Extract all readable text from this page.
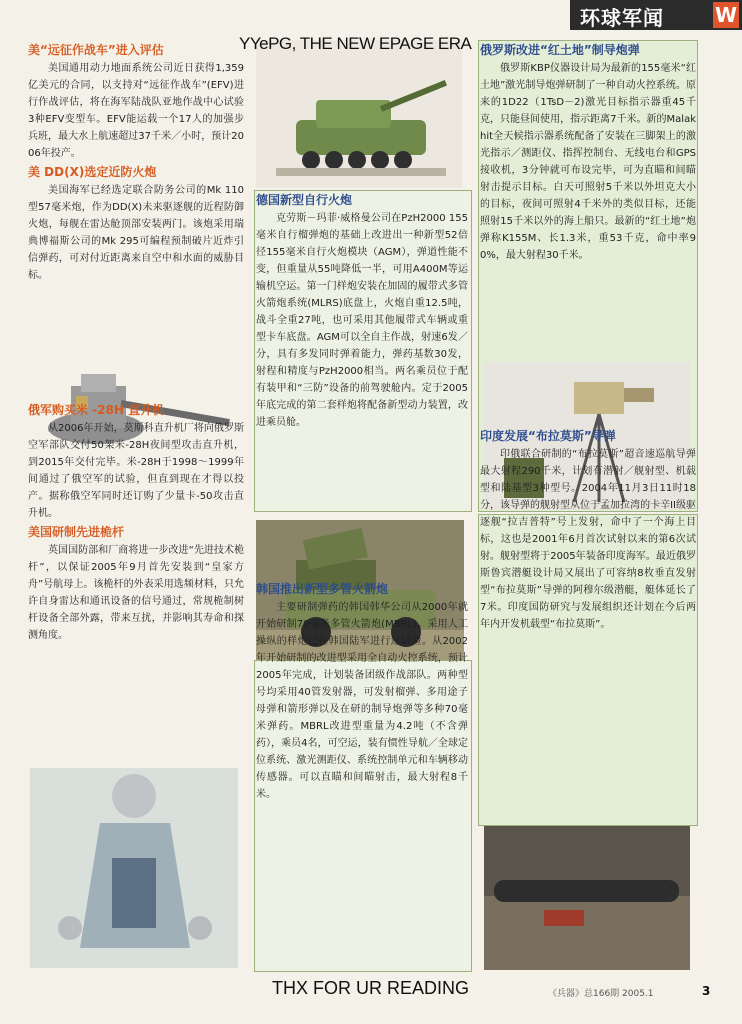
环球军闻	W
美“远征作战车”进入评估

美国通用动力地面系统公司近日获得1,359亿美元的合同，以支持对“远征作战车”(EFV)进行作战评估，将在海军陆战队亚地作战中心试验3种EFV变型车。EFV能运载一个17人的加强步兵班，最大水上航速超过37千米／小时，预计2006年投产。

美 DD(X)选定近防火炮

美国海军已经选定联合防务公司的Mk 110型57毫米炮，作为DD(X)未来驱逐舰的近程防御火炮，每舰在雷达舱顶部安装两门。该炮采用瑞典博福斯公司的Mk 295可编程预制破片近炸引信弹药，可对付近距离来自空中和水面的威胁目标。

俄军购买米 -28H 直升机

从2006年开始，莫斯科直升机厂将向俄罗斯空军部队交付50架米-28H夜间型攻击直升机，到2015年交付完毕。米-28H于1998～1999年间通过了俄空军的试验，但直到现在才得以投产。据称俄空军同时还订购了少量卡-50攻击直升机。

美国研制先进桅杆

英国国防部和厂商将进一步改进“先进技术桅杆”，以保证2005年9月首先安装到“皇家方舟”号航母上。该桅杆的外表采用选频材料，只允许自身雷达和通讯设备的信号通过，常规桅制树杆设备全部外露，带来互扰，并影响其寿命和探测角度。

德国新型自行火炮

克劳斯－玛菲·威格曼公司在PzH2000 155毫米自行榴弹炮的基础上改进出一种新型52倍径155毫米自行火炮模块（AGM），弹道性能不变，但重量从55吨降低一半，可用A400M等运输机空运。第一门样炮安装在加固的履带式多管火箭炮系统(MLRS)底盘上，火炮自重12.5吨，战斗全重27吨，也可采用其他履带式车辆或重型卡车底盘。AGM可以全自主作战，射速6发／分，具有多发同时弹着能力，弹药基数30发，射程和精度与PzH2000相当。两名乘员位于配有装甲和“三防”设备的前驾驶舱内。定于2005年底完成的第二套样炮将配备新型动力装置，改进乘员舱。

韩国推出新型多管火箭炮

主要研制弹药的韩国韩华公司从2000年就开始研制70毫米多管火箭炮(MBRL)。采用人工操纵的样炮已在韩国陆军进行过试验。从2002年开始研制的改进型采用全自动火控系统，预计2005年完成，计划装备团级作战部队。两种型号均采用40管发射器，可发射榴弹、多用途子母弹和箭形弹以及在研的制导炮弹等多种70毫米弹药。MBRL改进型重量为4.2吨（不含弹药），乘员4名，可空运，装有惯性导航／全球定位系统、激光测距仪、系统控制单元和车辆移动传感器。可以直瞄和间瞄射击，最大射程8千米。

俄罗斯改进“红土地”制导炮弹

俄罗斯KBP仪器设计局为最新的155毫米“红土地”激光制导炮弹研制了一种自动火控系统。原来的1D22（1TsD－2)激光目标指示器重45千克，只能昼间使用，指示距离7千米。新的Malakhit全天候指示器系统配备了安装在三脚架上的激光指示／测距仪、指挥控制台、无线电台和GPS接收机，3分钟就可布设完毕，可为直瞄和间瞄射击提示目标。白天可照射5千米以外坦克大小的目标，夜间可照射4千米外的类似目标，还能照射15千米以外的海上船只。最新的“红土地”炮弹称K155M、长1.3米，重53千克，命中率90%，最大射程30千米。

印度发展“布拉莫斯”导弹

印俄联合研制的“布拉莫斯”超音速巡航导弹最大射程290千米，计划有潜射／舰射型、机载型和陆基型3种型号。2004年11月3日11时18分，该导弹的舰射型从位于孟加拉湾的卡辛II级驱逐舰“拉吉普特”号上发射，命中了一个海上目标，这也是2001年6月首次试射以来的第6次试射。舰射型将于2005年装备印度海军。最近俄罗斯鲁宾潜艇设计局又展出了可容纳8枚垂直发射型“布拉莫斯”导弹的阿穆尔级潜艇，艇体延长了7米。印度国防研究与发展组织还计划在今后两年内开发机载型“布拉莫斯”。

YYePG, THE NEW EPAGE ERA
THX FOR UR READING	《兵器》总166期 2005.1	3
